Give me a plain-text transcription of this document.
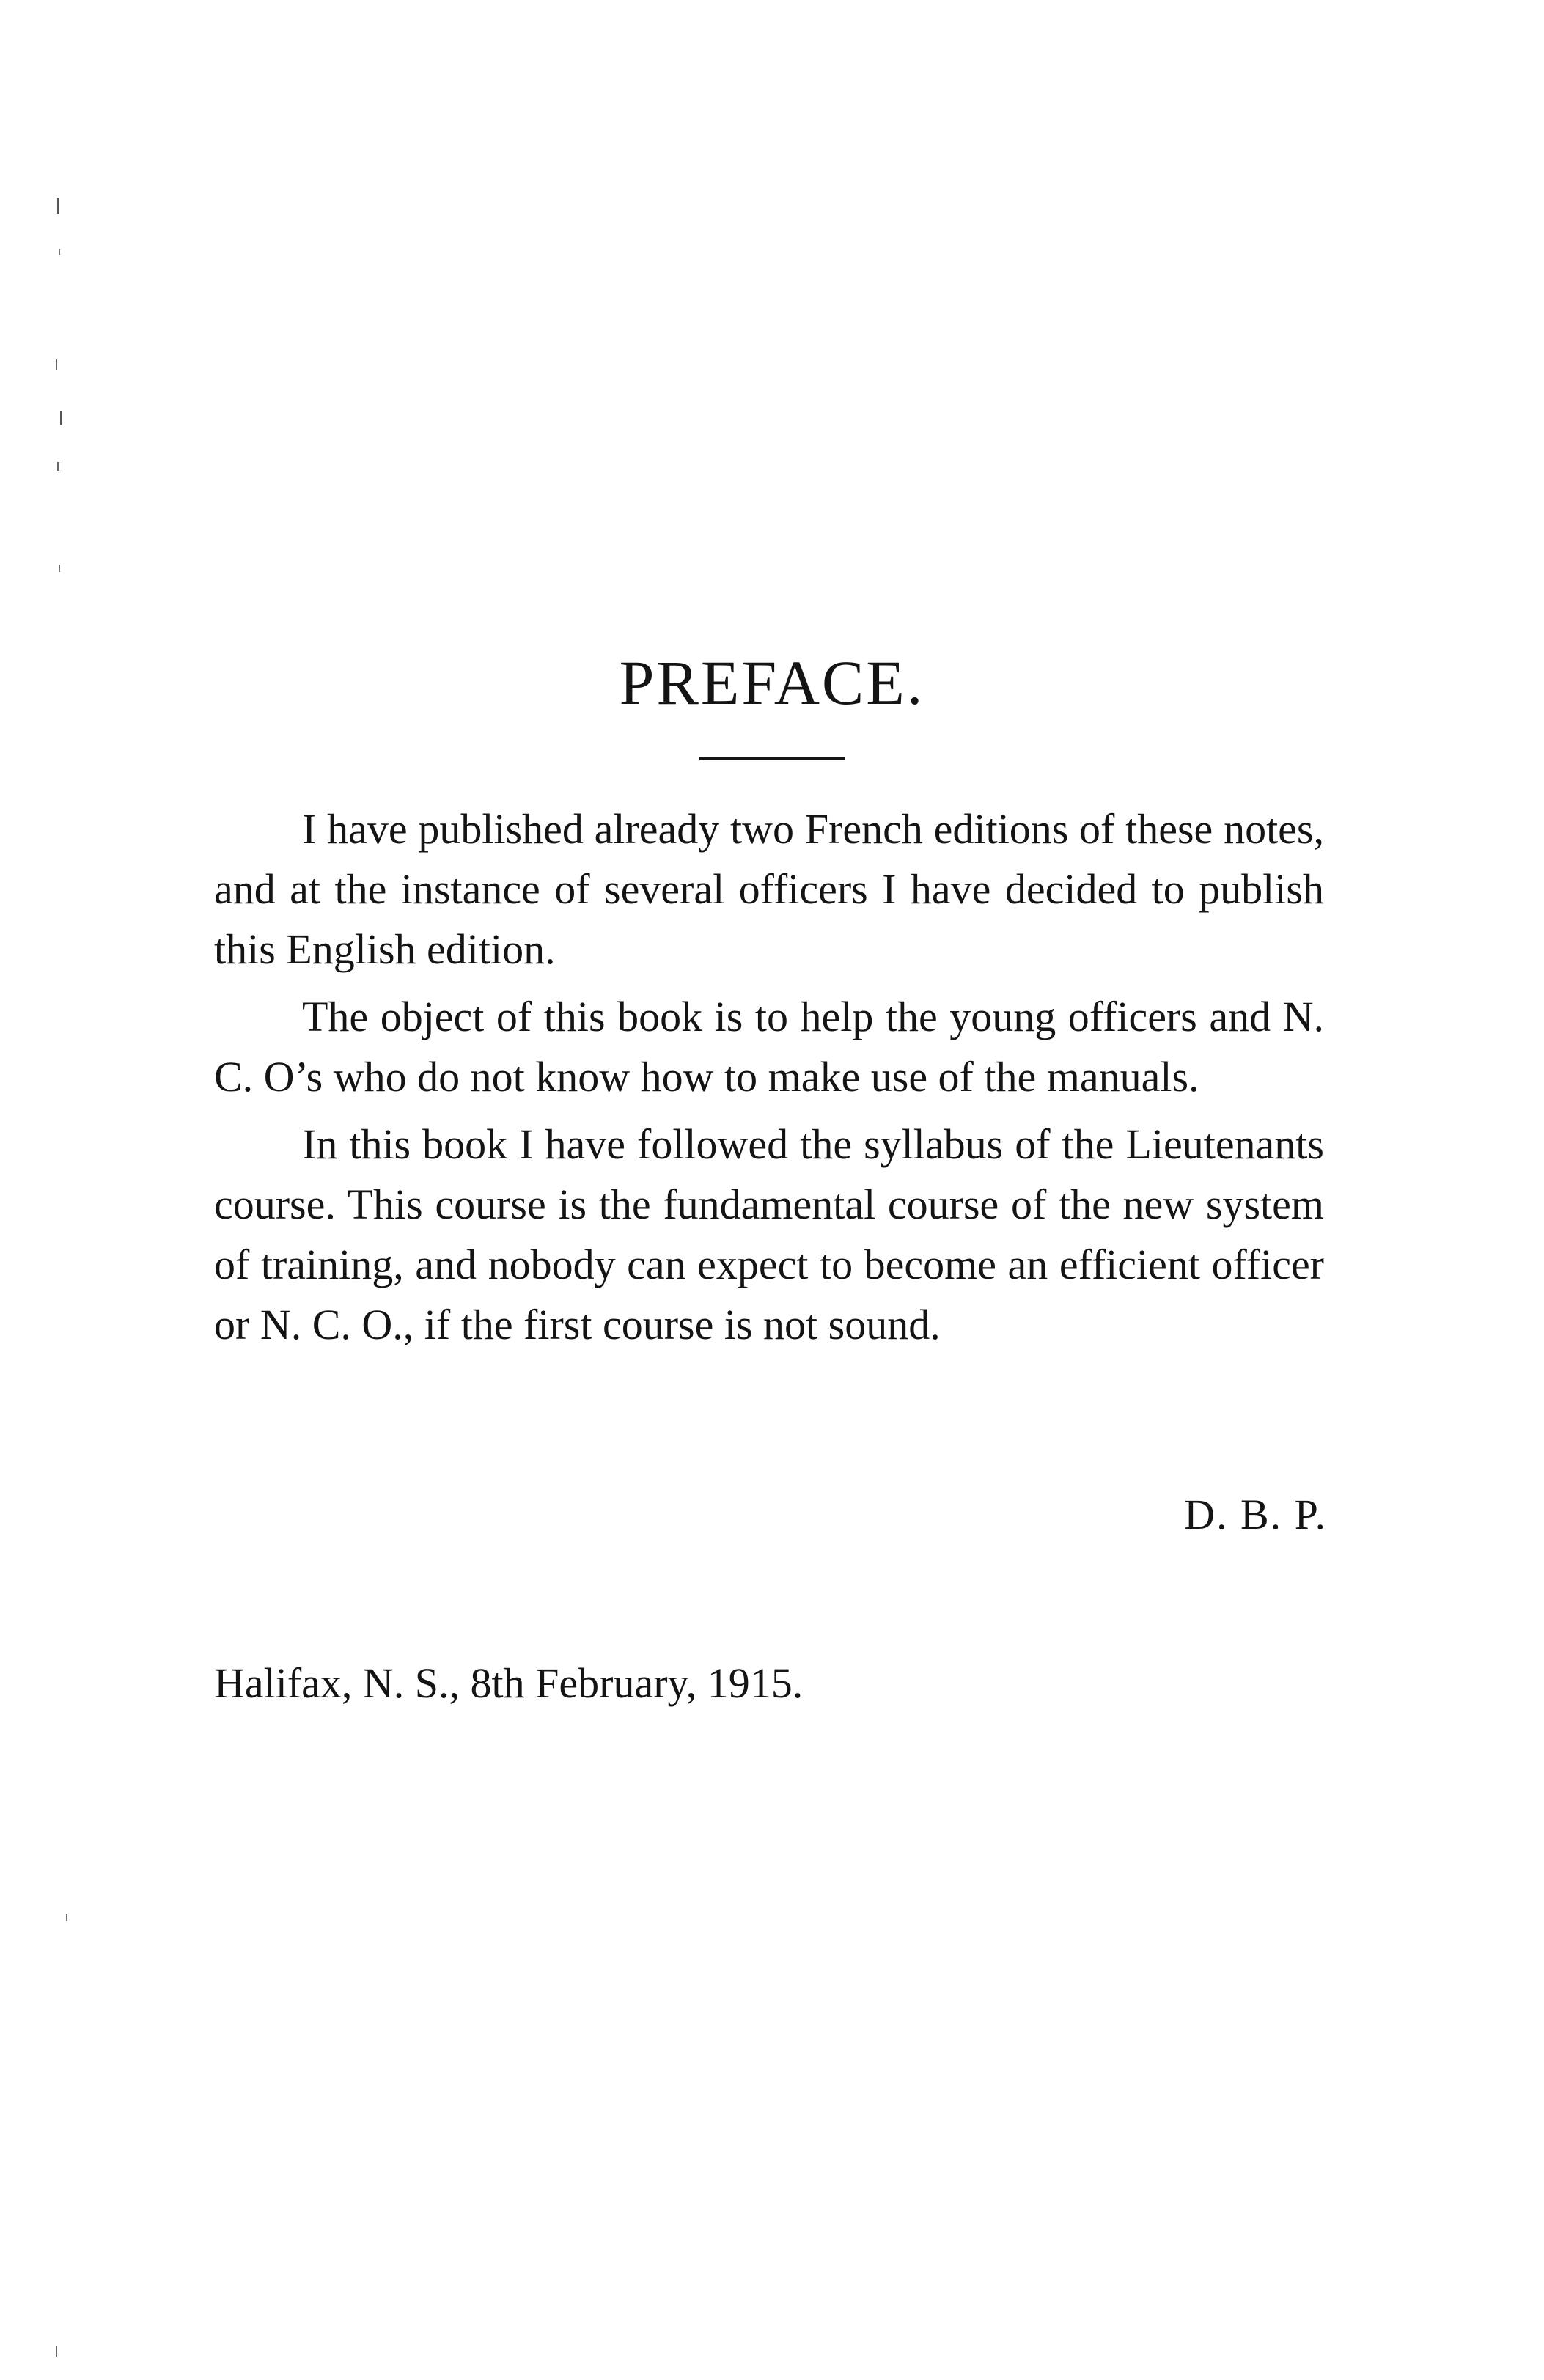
PREFACE.

I have published already two French editions of these notes, and at the instance of several officers I have decided to publish this English edition.

The object of this book is to help the young officers and N. C. O’s who do not know how to make use of the manuals.

In this book I have followed the syllabus of the Lieutenants course. This course is the fundamental course of the new system of training, and nobody can expect to become an efficient officer or N. C. O., if the first course is not sound.

D. B. P.
Halifax, N. S., 8th February, 1915.
